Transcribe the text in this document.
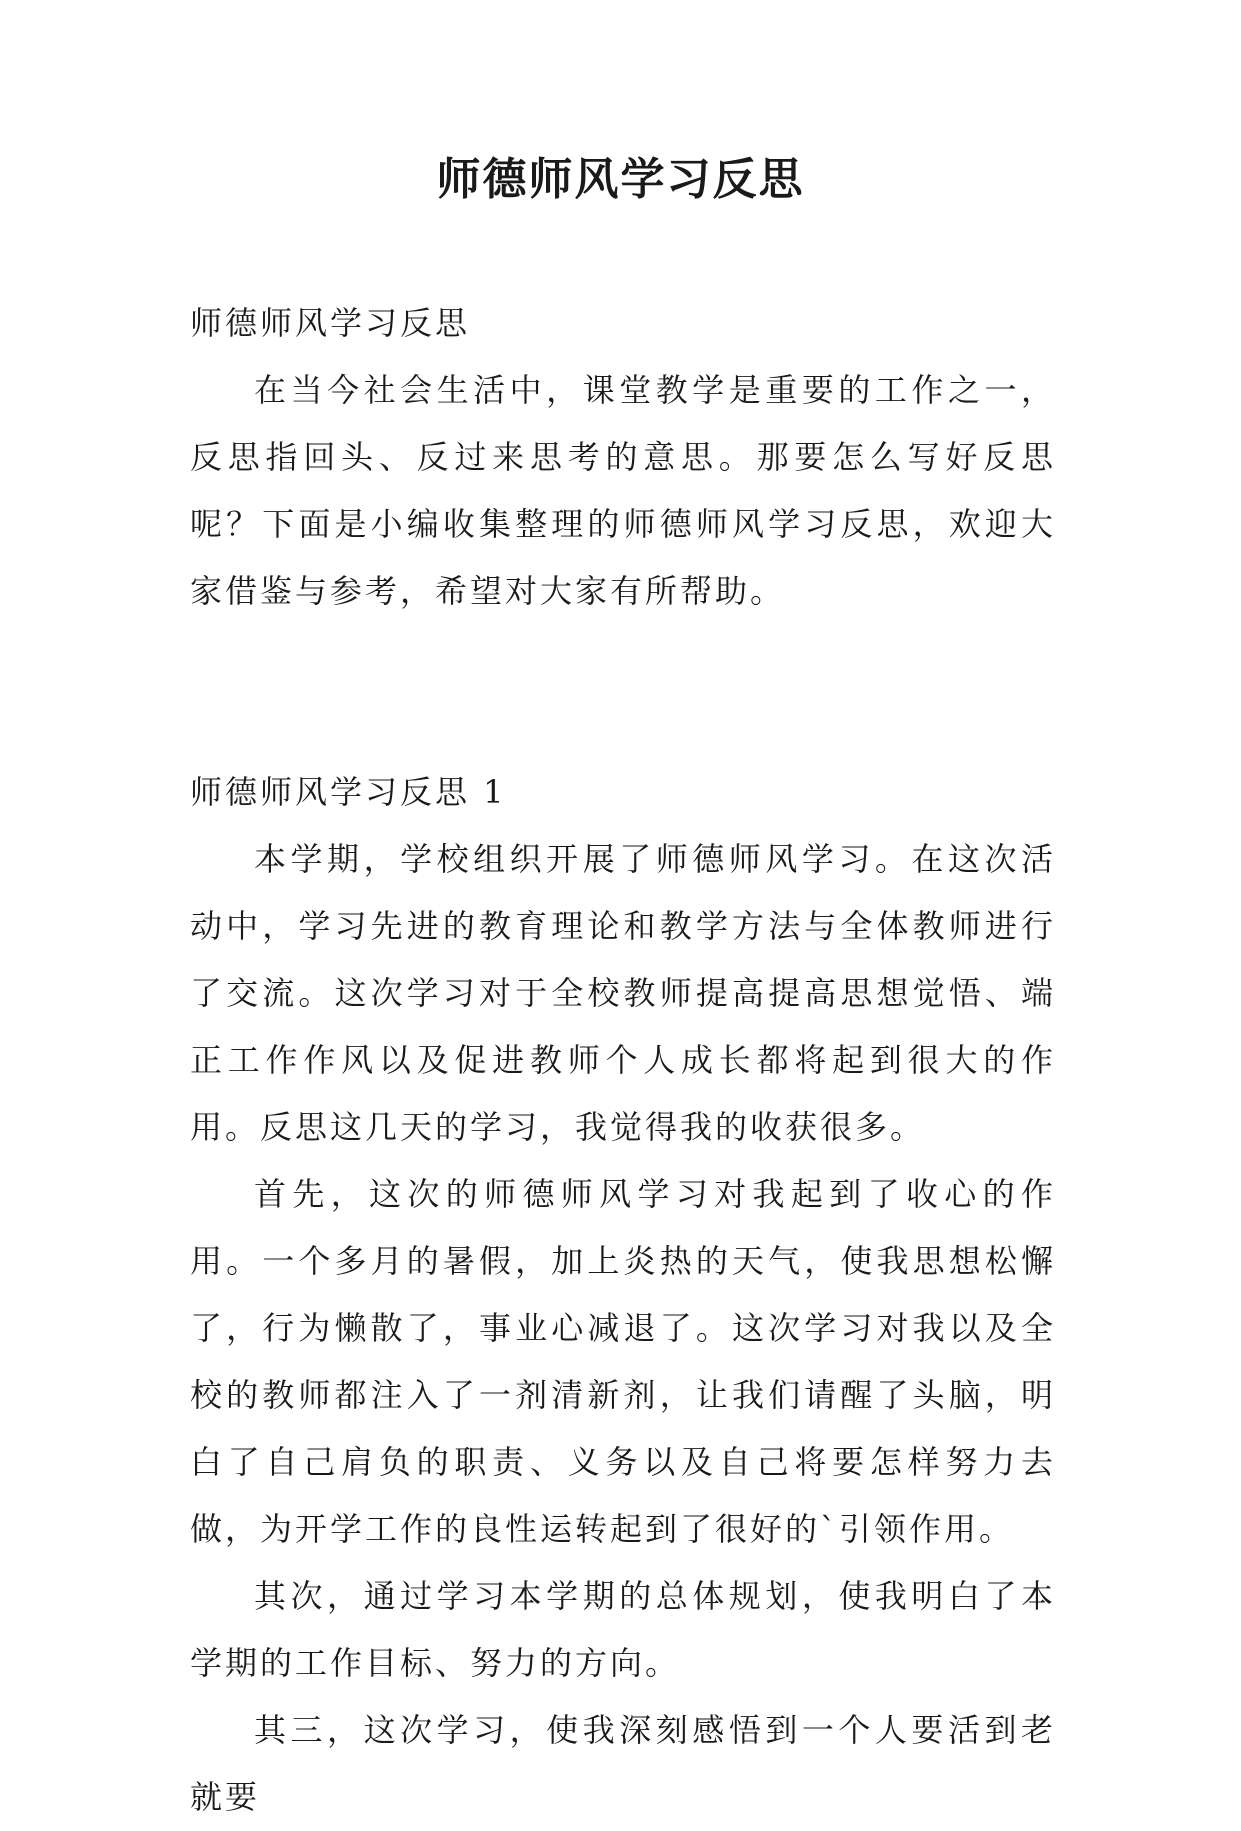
师德师风学习反思

师德师风学习反思

在当今社会生活中，课堂教学是重要的工作之一，反思指回头、反过来思考的意思。那要怎么写好反思呢？下面是小编收集整理的师德师风学习反思，欢迎大家借鉴与参考，希望对大家有所帮助。

师德师风学习反思 1

本学期，学校组织开展了师德师风学习。在这次活动中，学习先进的教育理论和教学方法与全体教师进行了交流。这次学习对于全校教师提高提高思想觉悟、端正工作作风以及促进教师个人成长都将起到很大的作用。反思这几天的学习，我觉得我的收获很多。

首先，这次的师德师风学习对我起到了收心的作用。一个多月的暑假，加上炎热的天气，使我思想松懈了，行为懒散了，事业心减退了。这次学习对我以及全校的教师都注入了一剂清新剂，让我们请醒了头脑，明白了自己肩负的职责、义务以及自己将要怎样努力去做，为开学工作的良性运转起到了很好的`引领作用。

其次，通过学习本学期的总体规划，使我明白了本学期的工作目标、努力的方向。

其三，这次学习，使我深刻感悟到一个人要活到老就要
